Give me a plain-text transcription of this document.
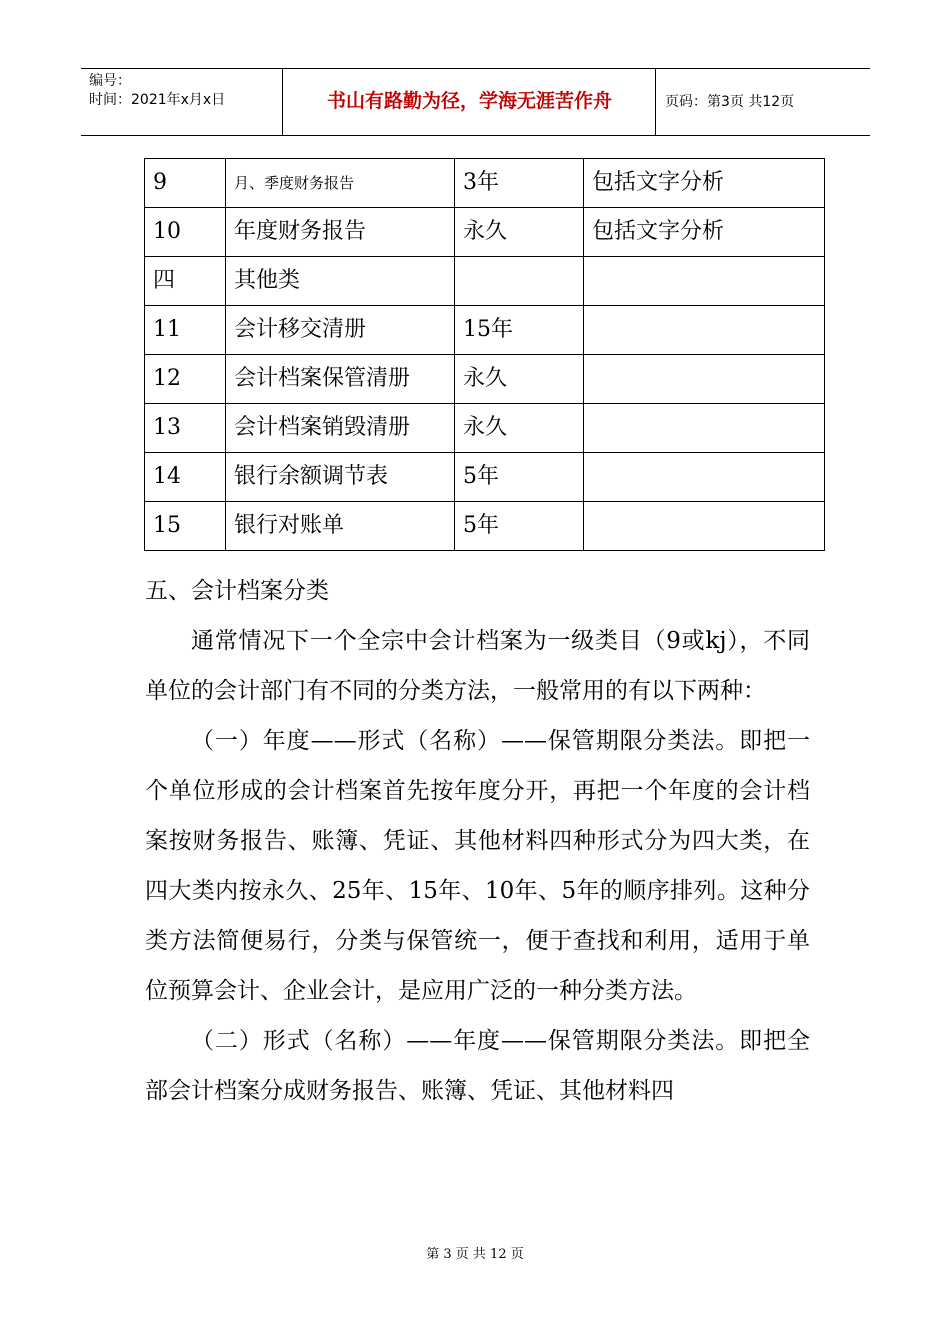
编号：
时间：2021年x月x日	书山有路勤为径，学海无涯苦作舟	页码：第3页 共12页
9	月、季度财务报告	3年	包括文字分析
10	年度财务报告	永久	包括文字分析
四	其他类		
11	会计移交清册	15年	
12	会计档案保管清册	永久	
13	会计档案销毁清册	永久	
14	银行余额调节表	5年	
15	银行对账单	5年	

五、会计档案分类

通常情况下一个全宗中会计档案为一级类目（9或kj），不同单位的会计部门有不同的分类方法，一般常用的有以下两种：

（一）年度——形式（名称）——保管期限分类法。即把一个单位形成的会计档案首先按年度分开，再把一个年度的会计档案按财务报告、账簿、凭证、其他材料四种形式分为四大类，在四大类内按永久、25年、15年、10年、5年的顺序排列。这种分类方法简便易行，分类与保管统一，便于查找和利用，适用于单位预算会计、企业会计，是应用广泛的一种分类方法。

（二）形式（名称）——年度——保管期限分类法。即把全部会计档案分成财务报告、账簿、凭证、其他材料四

第 3 页 共 12 页
